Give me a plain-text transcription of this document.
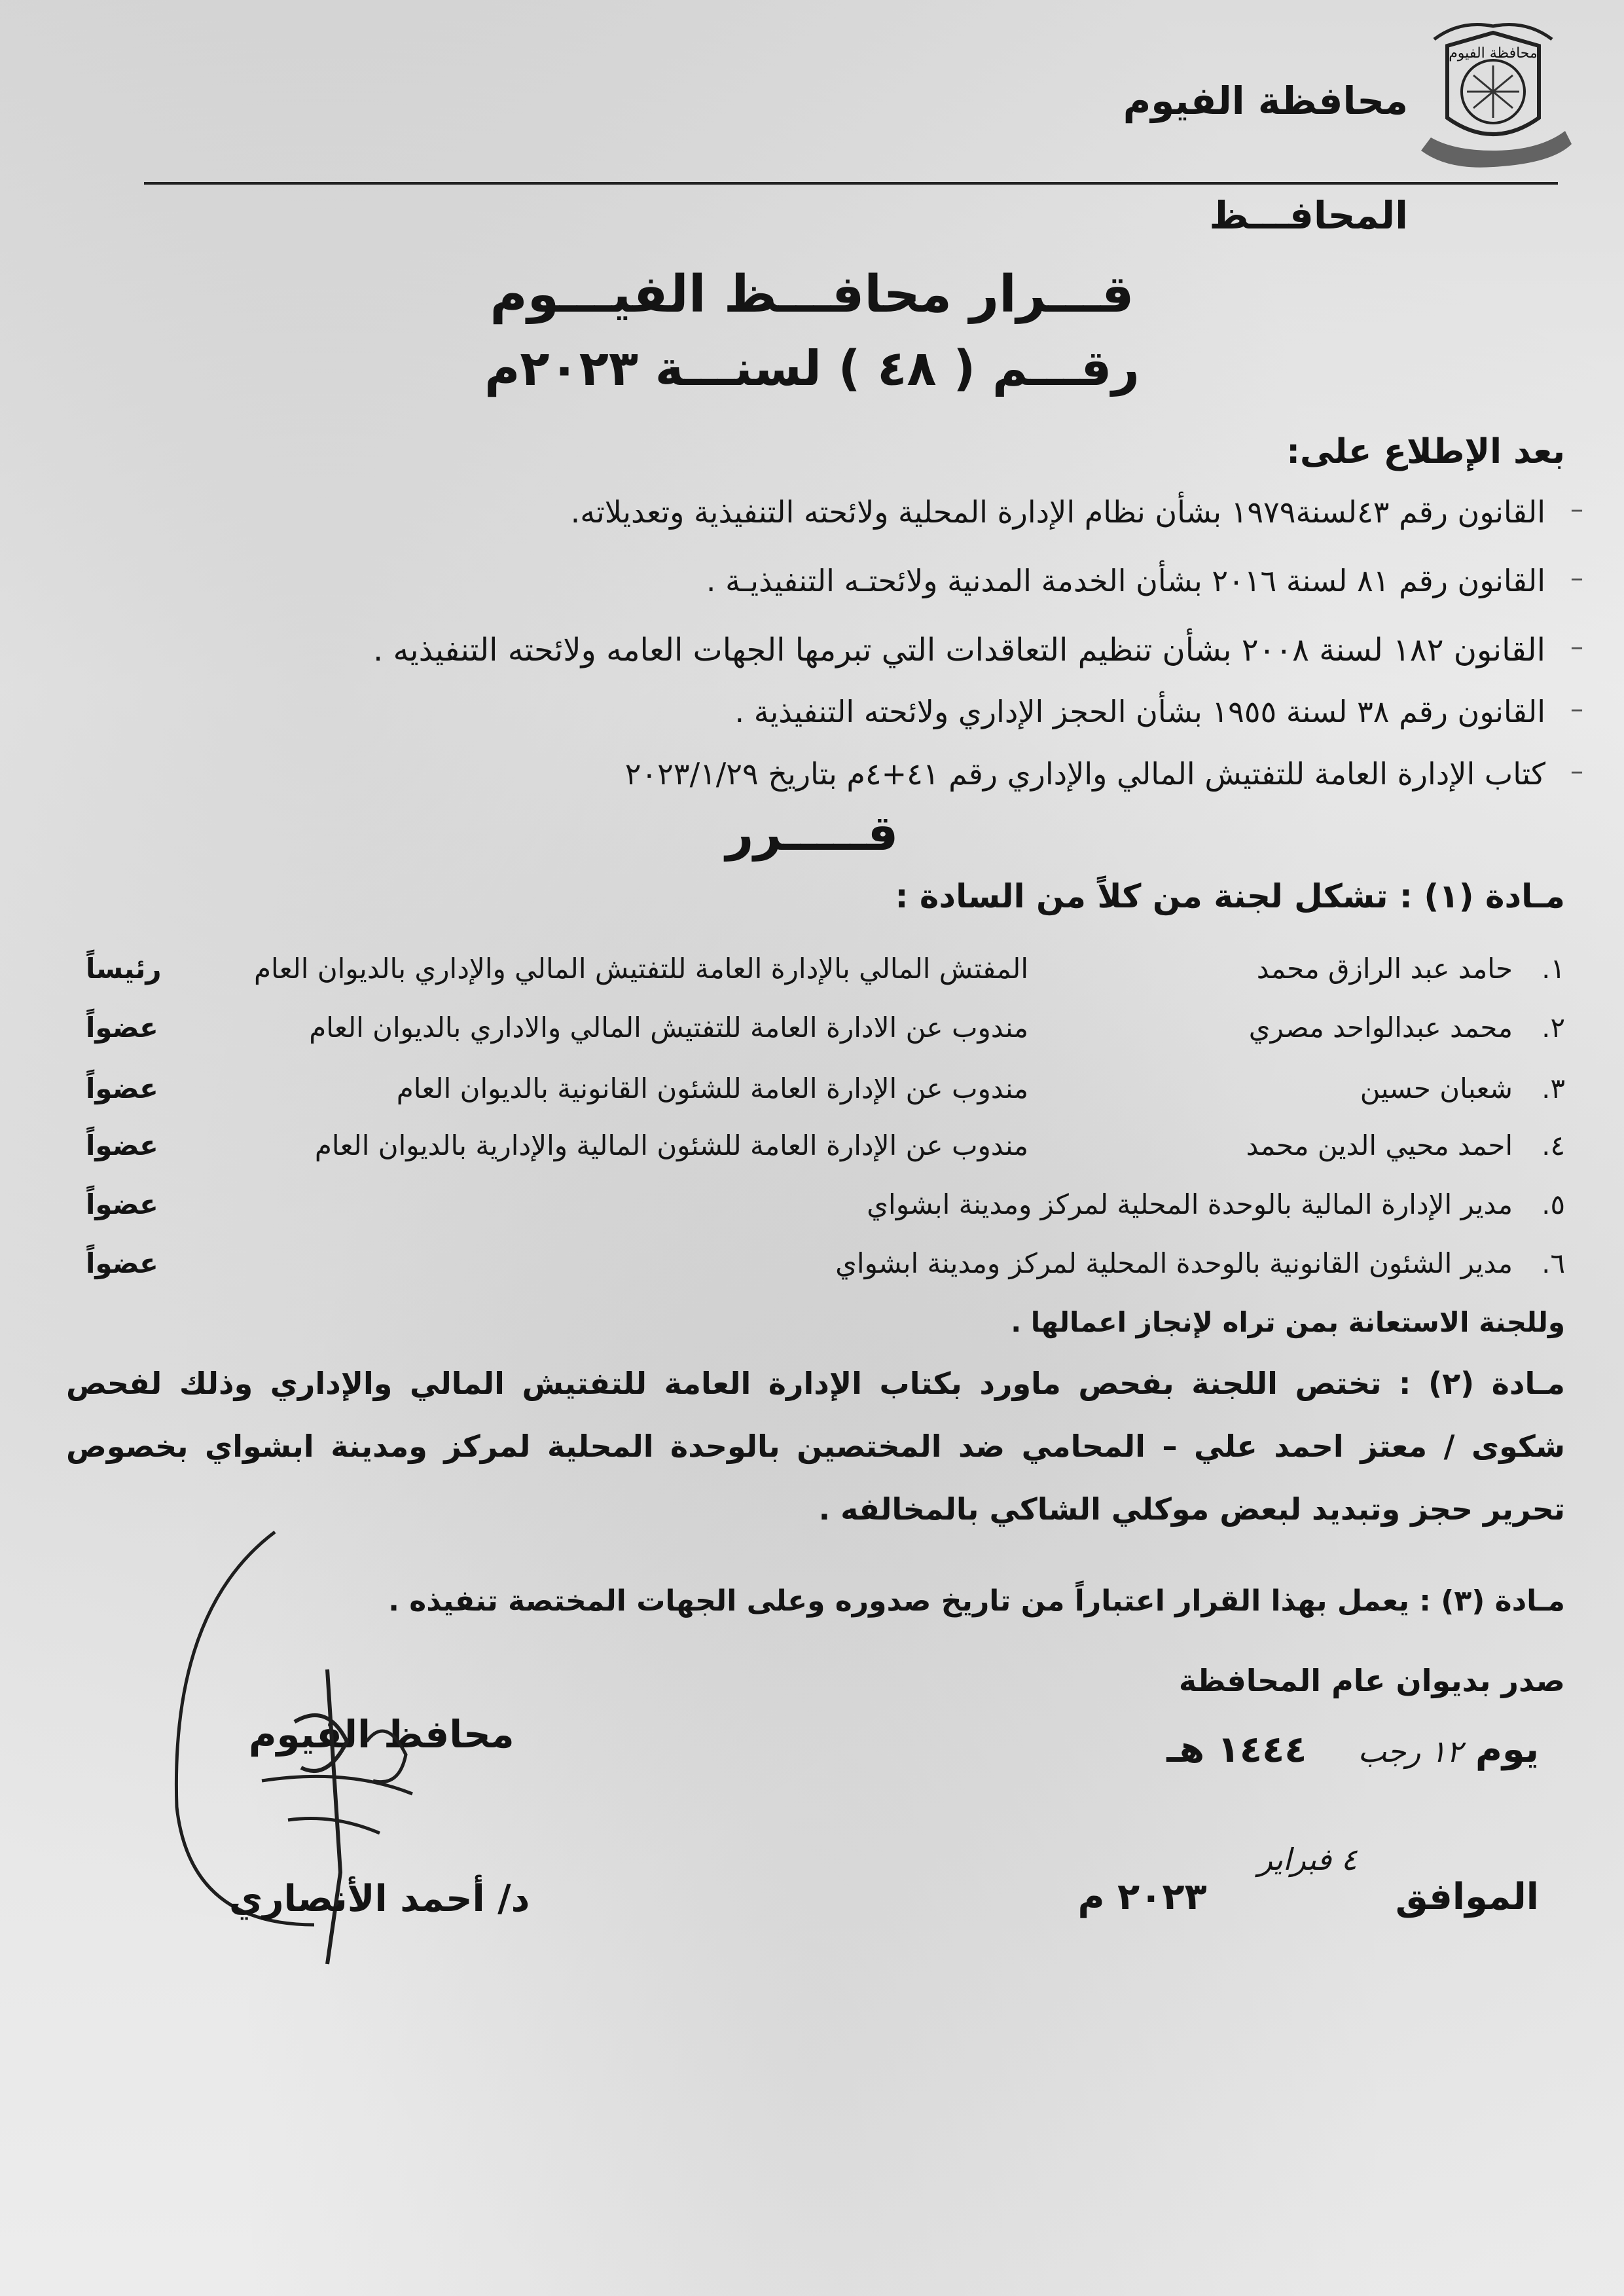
محافظة الفيوم
محافظة الفيوم
المحافـــظ
قـــرار محافـــظ الفيـــوم
رقـــم ( ٤٨ ) لسنـــة ٢٠٢٣م
بعد الإطلاع على:
–
القانون رقم ٤٣لسنة١٩٧٩ بشأن نظام الإدارة المحلية ولائحته التنفيذية وتعديلاته.
–
القانون رقم ٨١ لسنة ٢٠١٦ بشأن الخدمة المدنية ولائحتـه التنفيذيـة .
–
القانون ١٨٢ لسنة ٢٠٠٨ بشأن تنظيم التعاقدات التي تبرمها الجهات العامه ولائحته التنفيذيه .
–
القانون رقم ٣٨ لسنة ١٩٥٥ بشأن الحجز الإداري ولائحته التنفيذية .
–
كتاب الإدارة العامة للتفتيش المالي والإداري رقم ٤١+٤م بتاريخ ٢٠٢٣/١/٢٩
قـــــرر
مـادة (١) : تشكل لجنة من كلاً من السادة :
١.
حامد عبد الرازق محمد
المفتش المالي بالإدارة العامة للتفتيش المالي والإداري بالديوان العام
رئيساً
٢.
محمد عبدالواحد مصري
مندوب عن الادارة العامة للتفتيش المالي والاداري بالديوان العام
عضواً
٣.
شعبان حسين
مندوب عن الإدارة العامة للشئون القانونية بالديوان العام
عضواً
٤.
احمد محيي الدين محمد
مندوب عن الإدارة العامة للشئون المالية والإدارية بالديوان العام
عضواً
٥.
مدير الإدارة المالية بالوحدة المحلية لمركز ومدينة ابشواي
عضواً
٦.
مدير الشئون القانونية بالوحدة المحلية لمركز ومدينة ابشواي
عضواً
وللجنة الاستعانة بمن تراه لإنجاز اعمالها .
مـادة (٢) : تختص اللجنة بفحص ماورد بكتاب الإدارة العامة للتفتيش المالي والإداري وذلك لفحص شكوى / معتز احمد علي – المحامي ضد المختصين بالوحدة المحلية لمركز ومدينة ابشواي بخصوص تحرير حجز وتبديد لبعض موكلي الشاكي بالمخالفه .
مـادة (٣) : يعمل بهذا القرار اعتباراً من تاريخ صدوره وعلى الجهات المختصة تنفيذه .
صدر بديوان عام المحافظة
يوم ١٢ رجب    ١٤٤٤ هـ
الموافق   $^{٤ فبراير}$    ٢٠٢٣ م
محافظ الفيوم
د/ أحمد الأنصاري
